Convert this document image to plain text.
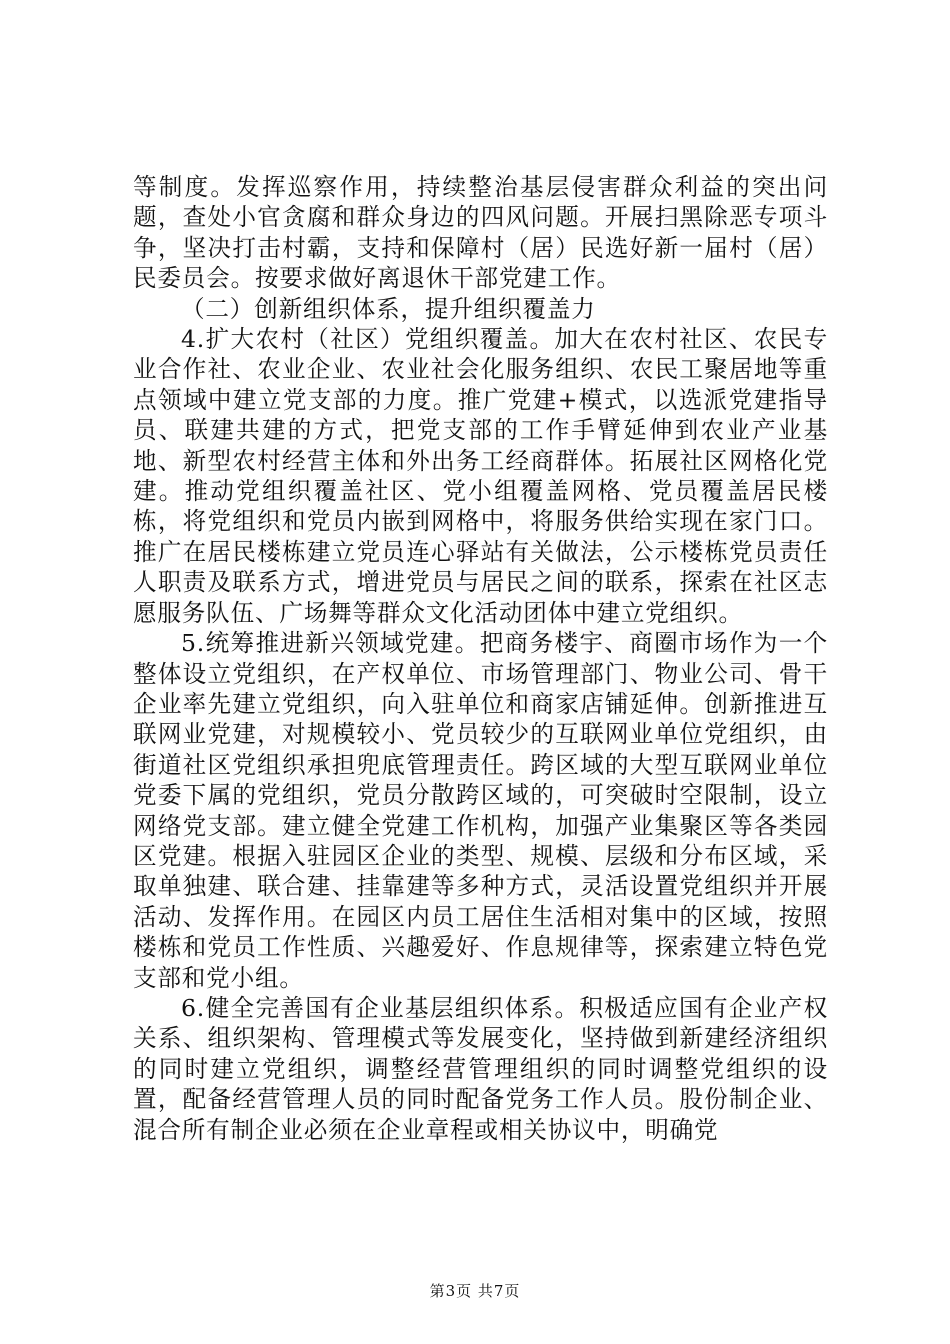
等制度。发挥巡察作用，持续整治基层侵害群众利益的突出问题，查处小官贪腐和群众身边的四风问题。开展扫黑除恶专项斗争，坚决打击村霸，支持和保障村（居）民选好新一届村（居）民委员会。按要求做好离退休干部党建工作。

（二）创新组织体系，提升组织覆盖力

4.扩大农村（社区）党组织覆盖。加大在农村社区、农民专业合作社、农业企业、农业社会化服务组织、农民工聚居地等重点领域中建立党支部的力度。推广党建+模式，以选派党建指导员、联建共建的方式，把党支部的工作手臂延伸到农业产业基地、新型农村经营主体和外出务工经商群体。拓展社区网格化党建。推动党组织覆盖社区、党小组覆盖网格、党员覆盖居民楼栋，将党组织和党员内嵌到网格中，将服务供给实现在家门口。推广在居民楼栋建立党员连心驿站有关做法，公示楼栋党员责任人职责及联系方式，增进党员与居民之间的联系，探索在社区志愿服务队伍、广场舞等群众文化活动团体中建立党组织。

5.统筹推进新兴领域党建。把商务楼宇、商圈市场作为一个整体设立党组织，在产权单位、市场管理部门、物业公司、骨干企业率先建立党组织，向入驻单位和商家店铺延伸。创新推进互联网业党建，对规模较小、党员较少的互联网业单位党组织，由街道社区党组织承担兜底管理责任。跨区域的大型互联网业单位党委下属的党组织，党员分散跨区域的，可突破时空限制，设立网络党支部。建立健全党建工作机构，加强产业集聚区等各类园区党建。根据入驻园区企业的类型、规模、层级和分布区域，采取单独建、联合建、挂靠建等多种方式，灵活设置党组织并开展活动、发挥作用。在园区内员工居住生活相对集中的区域，按照楼栋和党员工作性质、兴趣爱好、作息规律等，探索建立特色党支部和党小组。

6.健全完善国有企业基层组织体系。积极适应国有企业产权关系、组织架构、管理模式等发展变化，坚持做到新建经济组织的同时建立党组织，调整经营管理组织的同时调整党组织的设置，配备经营管理人员的同时配备党务工作人员。股份制企业、混合所有制企业必须在企业章程或相关协议中，明确党

第3页 共7页
